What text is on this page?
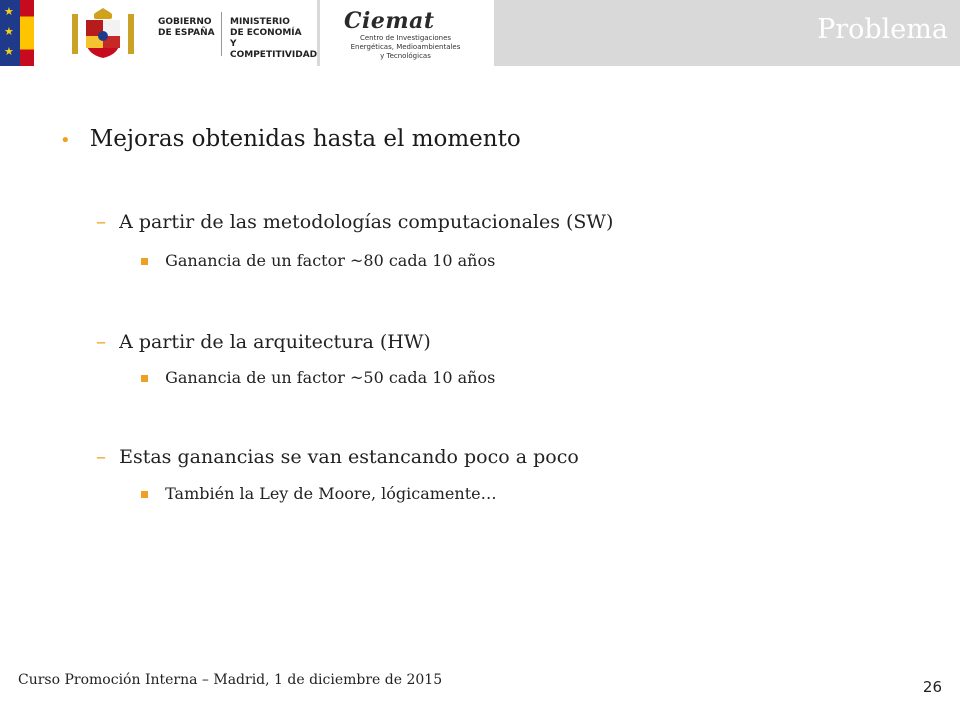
★
★
★
GOBIERNO
DE ESPAÑA
MINISTERIO
DE ECONOMÍA
Y COMPETITIVIDAD
Ciemat
Centro de Investigaciones
Energéticas, Medioambientales
y Tecnológicas
Problema
• Mejoras obtenidas hasta el momento
– A partir de las metodologías computacionales (SW)
Ganancia de un factor ~80 cada 10 años
– A partir de la arquitectura (HW)
Ganancia de un factor ~50 cada 10 años
– Estas ganancias se van estancando poco a poco
También la Ley de Moore, lógicamente…
Curso Promoción Interna – Madrid, 1 de diciembre de 2015	26
